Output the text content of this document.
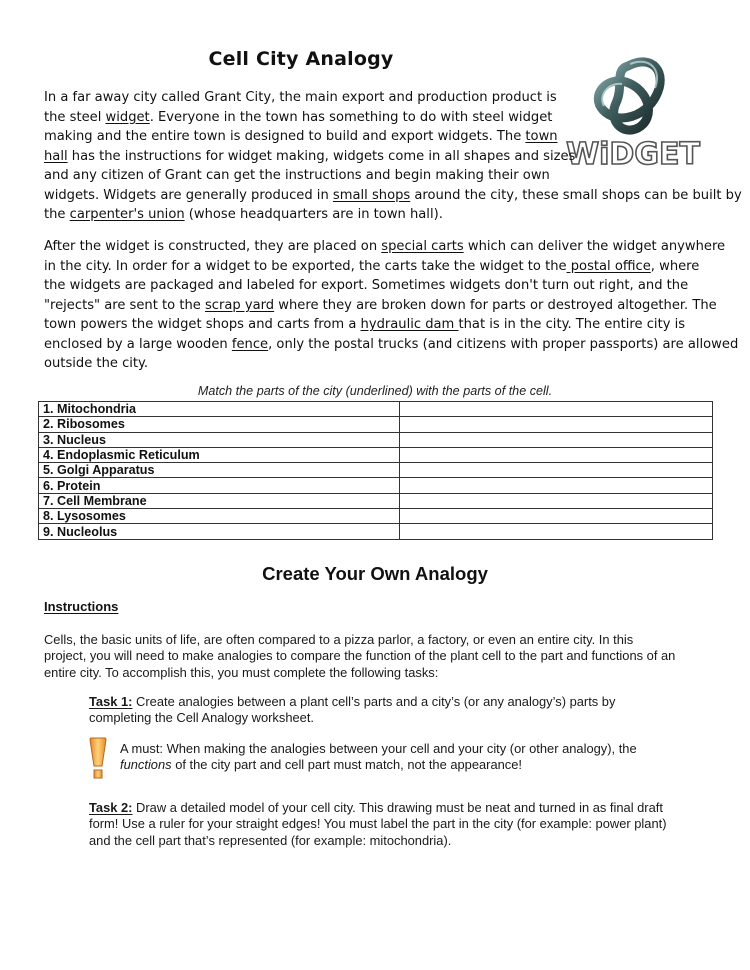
Cell City Analogy
WiDGET
In a far away city called Grant City, the main export and production product is
the steel widget. Everyone in the town has something to do with steel widget
making and the entire town is designed to build and export widgets. The town
hall has the instructions for widget making, widgets come in all shapes and sizes
and any citizen of Grant can get the instructions and begin making their own
widgets. Widgets are generally produced in small shops around the city, these small shops can be built by
the carpenter's union (whose headquarters are in town hall).
After the widget is constructed, they are placed on special carts which can deliver the widget anywhere
in the city. In order for a widget to be exported, the carts take the widget to the postal office, where
the widgets are packaged and labeled for export. Sometimes widgets don't turn out right, and the
"rejects" are sent to the scrap yard where they are broken down for parts or destroyed altogether. The
town powers the widget shops and carts from a hydraulic dam that is in the city. The entire city is
enclosed by a large wooden fence, only the postal trucks (and citizens with proper passports) are allowed
outside the city.
Match the parts of the city (underlined) with the parts of the cell.
1. Mitochondria	
2. Ribosomes	
3. Nucleus	
4. Endoplasmic Reticulum	
5. Golgi Apparatus	
6. Protein	
7. Cell Membrane	
8. Lysosomes	
9. Nucleolus	
Create Your Own Analogy
Instructions
Cells, the basic units of life, are often compared to a pizza parlor, a factory, or even an entire city. In this
project, you will need to make analogies to compare the function of the plant cell to the part and functions of an
entire city. To accomplish this, you must complete the following tasks:
Task 1: Create analogies between a plant cell’s parts and a city’s (or any analogy’s) parts by
completing the Cell Analogy worksheet.
A must: When making the analogies between your cell and your city (or other analogy), the
functions of the city part and cell part must match, not the appearance!
Task 2: Draw a detailed model of your cell city. This drawing must be neat and turned in as final draft
form! Use a ruler for your straight edges! You must label the part in the city (for example: power plant)
and the cell part that’s represented (for example: mitochondria).
